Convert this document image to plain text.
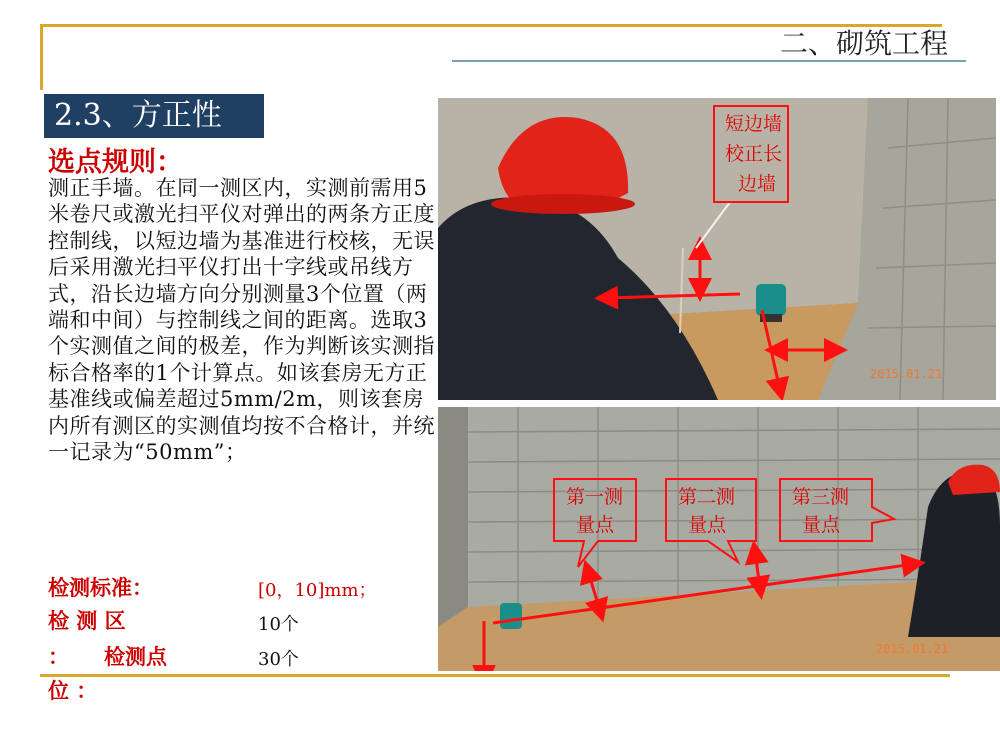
二、砌筑工程
2.3、方正性
选点规则：
测正手墙。在同一测区内，实测前需用5米卷尺或激光扫平仪对弹出的两条方正度控制线，以短边墙为基准进行校核，无误后采用激光扫平仪打出十字线或吊线方式，沿长边墙方向分别测量3个位置（两端和中间）与控制线之间的距离。选取3个实测值之间的极差，作为判断该实测指标合格率的1个计算点。如该套房无方正基准线或偏差超过5mm/2m，则该套房内所有测区的实测值均按不合格计，并统一记录为“50mm”；
检测标准：	[0，10]mm；
检 测 区	10个
： 检测点	30个
位 ：
短边墙
校正长
边墙
2015.01.21
第一测
量点
第二测
量点
第三测
量点
2015.01.21
